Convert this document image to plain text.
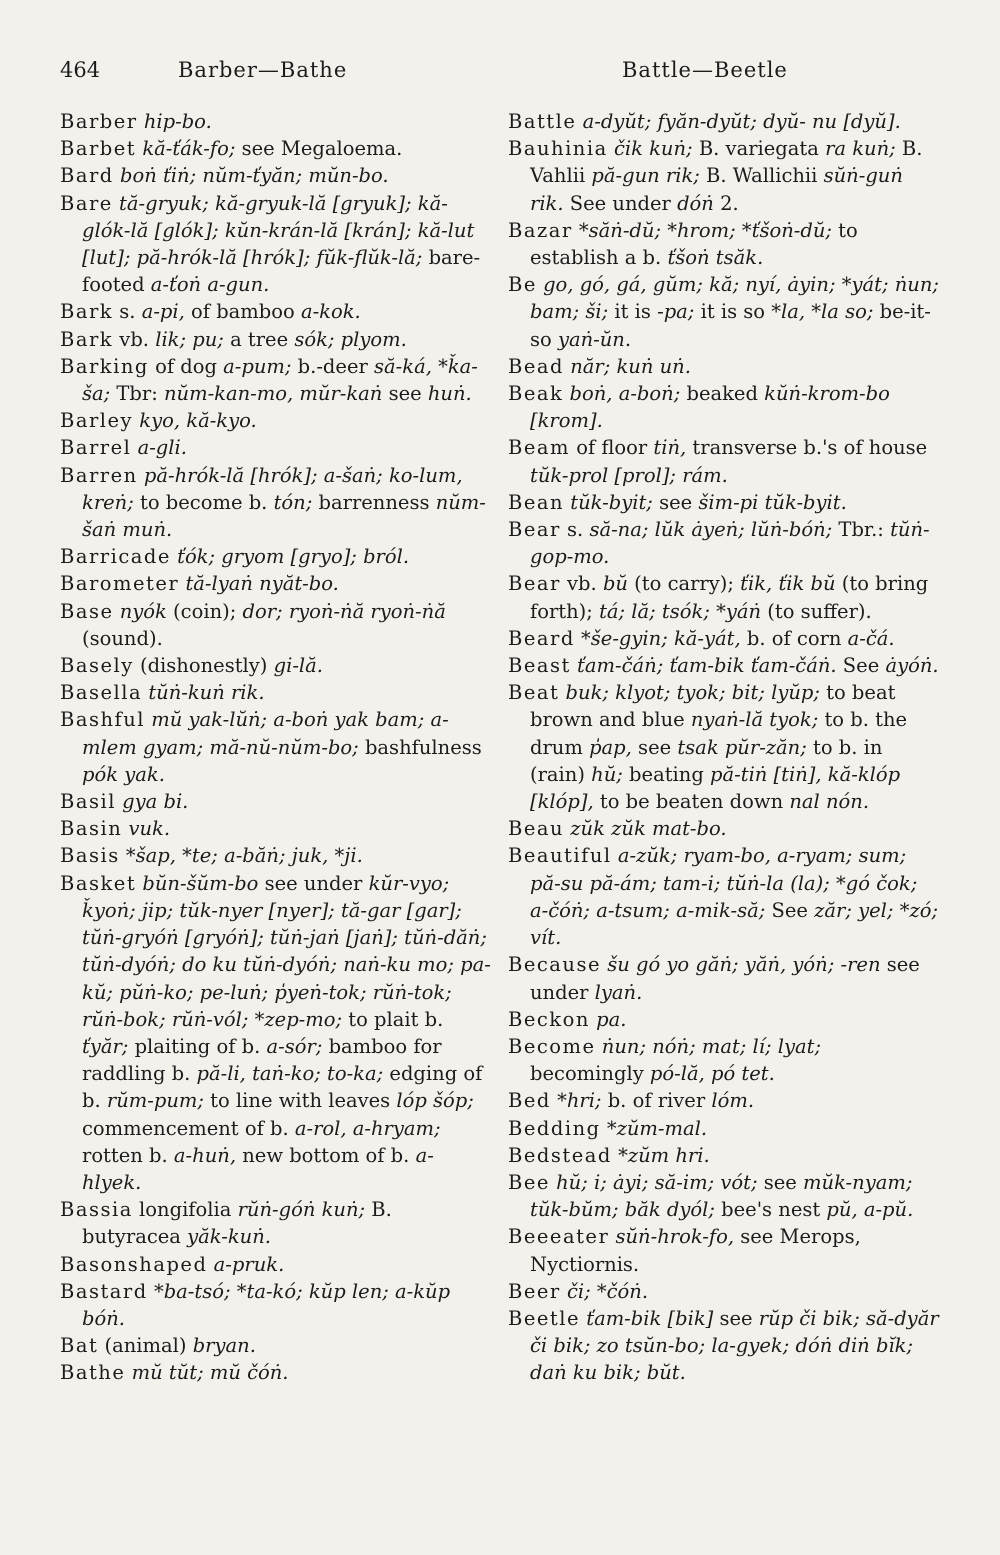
464	Barber—Bathe	Battle—Beetle
Barber hip-bo.
Barbet kă-ťák-fo; see Megaloema.
Bard boṅ ťiṅ; nŭm-ťyăn; mŭn-bo.
Bare tă-gryuk; kă-gryuk-lă [gryuk]; kă-glók-lă [glók]; kŭn-krán-lă [krán]; kă-lut [lut]; pă-hrók-lă [hrók]; fŭk-flŭk-lă; bare-footed a-ťoṅ a-gun.
Bark s. a-pi, of bamboo a-kok.
Bark vb. lik; pu; a tree sók; plyom.
Barking of dog a-pum; b.-deer să-ká, *ǩa-ša; Tbr: nŭm-kan-mo, mŭr-kaṅ see huṅ.
Barley kyo, kă-kyo.
Barrel a-gli.
Barren pă-hrók-lă [hrók]; a-šaṅ; ko-lum, kreṅ; to become b. tón; barrenness nŭm-šaṅ muṅ.
Barricade ťók; gryom [gryo]; bról.
Barometer tă-lyaṅ nyăt-bo.
Base nyók (coin); dor; ryoṅ-ṅă ryoṅ-ṅă (sound).
Basely (dishonestly) gi-lă.
Basella tŭṅ-kuṅ rik.
Bashful mŭ yak-lŭṅ; a-boṅ yak bam; a-mlem gyam; mă-nŭ-nŭm-bo; bashfulness pók yak.
Basil gya bi.
Basin vuk.
Basis *šap, *te; a-băṅ; juk, *ji.
Basket bŭn-šŭm-bo see under kŭr-vyo; ǩyoṅ; jip; tŭk-nyer [nyer]; tă-gar [gar]; tŭṅ-gryóṅ [gryóṅ]; tŭṅ-jaṅ [jaṅ]; tŭṅ-dăṅ; tŭṅ-dyóṅ; do ku tŭṅ-dyóṅ; naṅ-ku mo; pa-kŭ; pŭṅ-ko; pe-luṅ; p̍yeṅ-tok; rŭṅ-tok; rŭṅ-bok; rŭṅ-vól; *zep-mo; to plait b. ťyăr; plaiting of b. a-sór; bamboo for raddling b. pă-li, taṅ-ko; to-ka; edging of b. rŭm-pum; to line with leaves lóp šóp; commencement of b. a-rol, a-hryam; rotten b. a-huṅ, new bottom of b. a-hlyek.
Bassia longifolia rŭṅ-góṅ kuṅ; B. butyracea yăk-kuṅ.
Basonshaped a-pruk.
Bastard *ba-tsó; *ta-kó; kŭp len; a-kŭp bóṅ.
Bat (animal) bryan.
Bathe mŭ tŭt; mŭ čóṅ.
Battle a-dyŭt; fyăn-dyŭt; dyŭ- nu [dyŭ].
Bauhinia čik kuṅ; B. variegata ra kuṅ; B. Vahlii pă-gun rik; B. Wallichii sŭṅ-guṅ rik. See under dóṅ 2.
Bazar *săṅ-dŭ; *hrom; *ťšoṅ-dŭ; to establish a b. ťšoṅ tsăk.
Be go, gó, gá, gŭm; kă; nyí, ȧyin; *yát; ṅun; bam; ši; it is -pa; it is so *la, *la so; be-it-so yaṅ-ŭn.
Bead năr; kuṅ uṅ.
Beak boṅ, a-boṅ; beaked kŭṅ-krom-bo [krom].
Beam of floor tiṅ, transverse b.'s of house tŭk-prol [prol]; rám.
Bean tŭk-byit; see šim-pi tŭk-byit.
Bear s. să-na; lŭk ȧyeṅ; lŭṅ-bóṅ; Tbr.: tŭṅ-gop-mo.
Bear vb. bŭ (to carry); ťik, ťik bŭ (to bring forth); tá; lă; tsók; *yáṅ (to suffer).
Beard *še-gyin; kă-yát, b. of corn a-čá.
Beast ťam-čáṅ; ťam-bik ťam-čáṅ. See ȧyóṅ.
Beat buk; klyot; tyok; bit; lyŭp; to beat brown and blue nyaṅ-lă tyok; to b. the drum p̍ap, see tsak pŭr-zăn; to b. in (rain) hŭ; beating pă-tiṅ [tiṅ], kă-klóp [klóp], to be beaten down nal nón.
Beau zŭk zŭk mat-bo.
Beautiful a-zŭk; ryam-bo, a-ryam; sum; pă-su pă-ám; tam-i; tŭṅ-la (la); *gó čok; a-čóṅ; a-tsum; a-mik-să; See zăr; yel; *zó; vít.
Because šu gó yo găṅ; yăṅ, yóṅ; -ren see under lyaṅ.
Beckon pa.
Become ṅun; nóṅ; mat; lí; lyat; becomingly pó-lă, pó tet.
Bed *hri; b. of river lóm.
Bedding *zŭm-mal.
Bedstead *zŭm hri.
Bee hŭ; i; ȧyi; să-im; vót; see mŭk-nyam; tŭk-bŭm; băk dyól; bee's nest pŭ, a-pŭ.
Beeeater sŭṅ-hrok-fo, see Merops, Nyctiornis.
Beer či; *čóṅ.
Beetle ťam-bik [bik] see rŭp či bik; să-dyăr či bik; zo tsŭn-bo; la-gyek; dóṅ diṅ bĭk; daṅ ku bik; bŭt.
